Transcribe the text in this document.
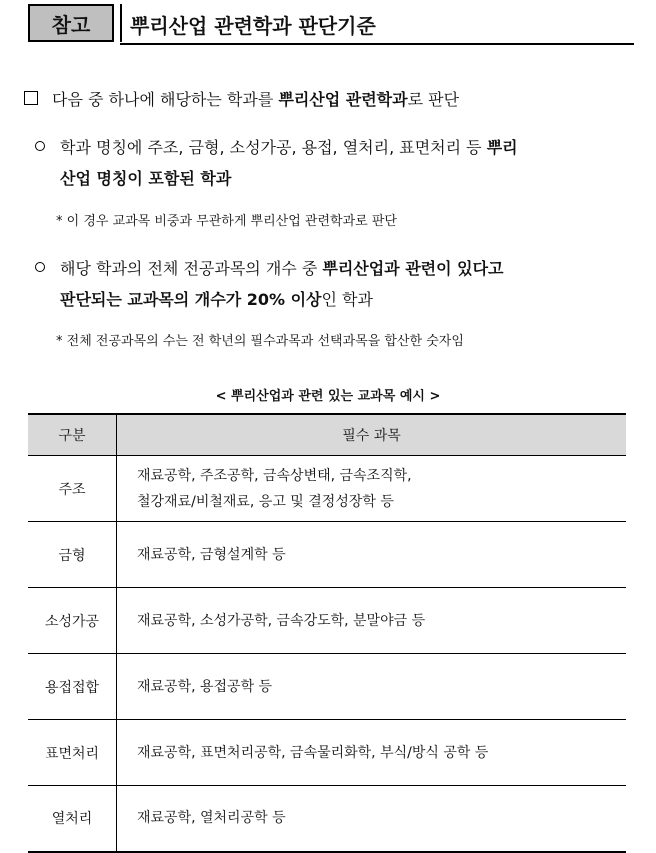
참고	뿌리산업 관련학과 판단기준
다음 중 하나에 해당하는 학과를 뿌리산업 관련학과로 판단
학과 명칭에 주조, 금형, 소성가공, 용접, 열처리, 표면처리 등 뿌리
산업 명칭이 포함된 학과
* 이 경우 교과목 비중과 무관하게 뿌리산업 관련학과로 판단
해당 학과의 전체 전공과목의 개수 중 뿌리산업과 관련이 있다고
판단되는 교과목의 개수가 20% 이상인 학과
* 전체 전공과목의 수는 전 학년의 필수과목과 선택과목을 합산한 숫자임
< 뿌리산업과 관련 있는 교과목 예시 >
구분	필수 과목
주조	재료공학, 주조공학, 금속상변태, 금속조직학,
철강재료/비철재료, 응고 및 결정성장학 등

금형	재료공학, 금형설계학 등
소성가공	재료공학, 소성가공학, 금속강도학, 분말야금 등
용접접합	재료공학, 용접공학 등
표면처리	재료공학, 표면처리공학, 금속물리화학, 부식/방식 공학 등
열처리	재료공학, 열처리공학 등
